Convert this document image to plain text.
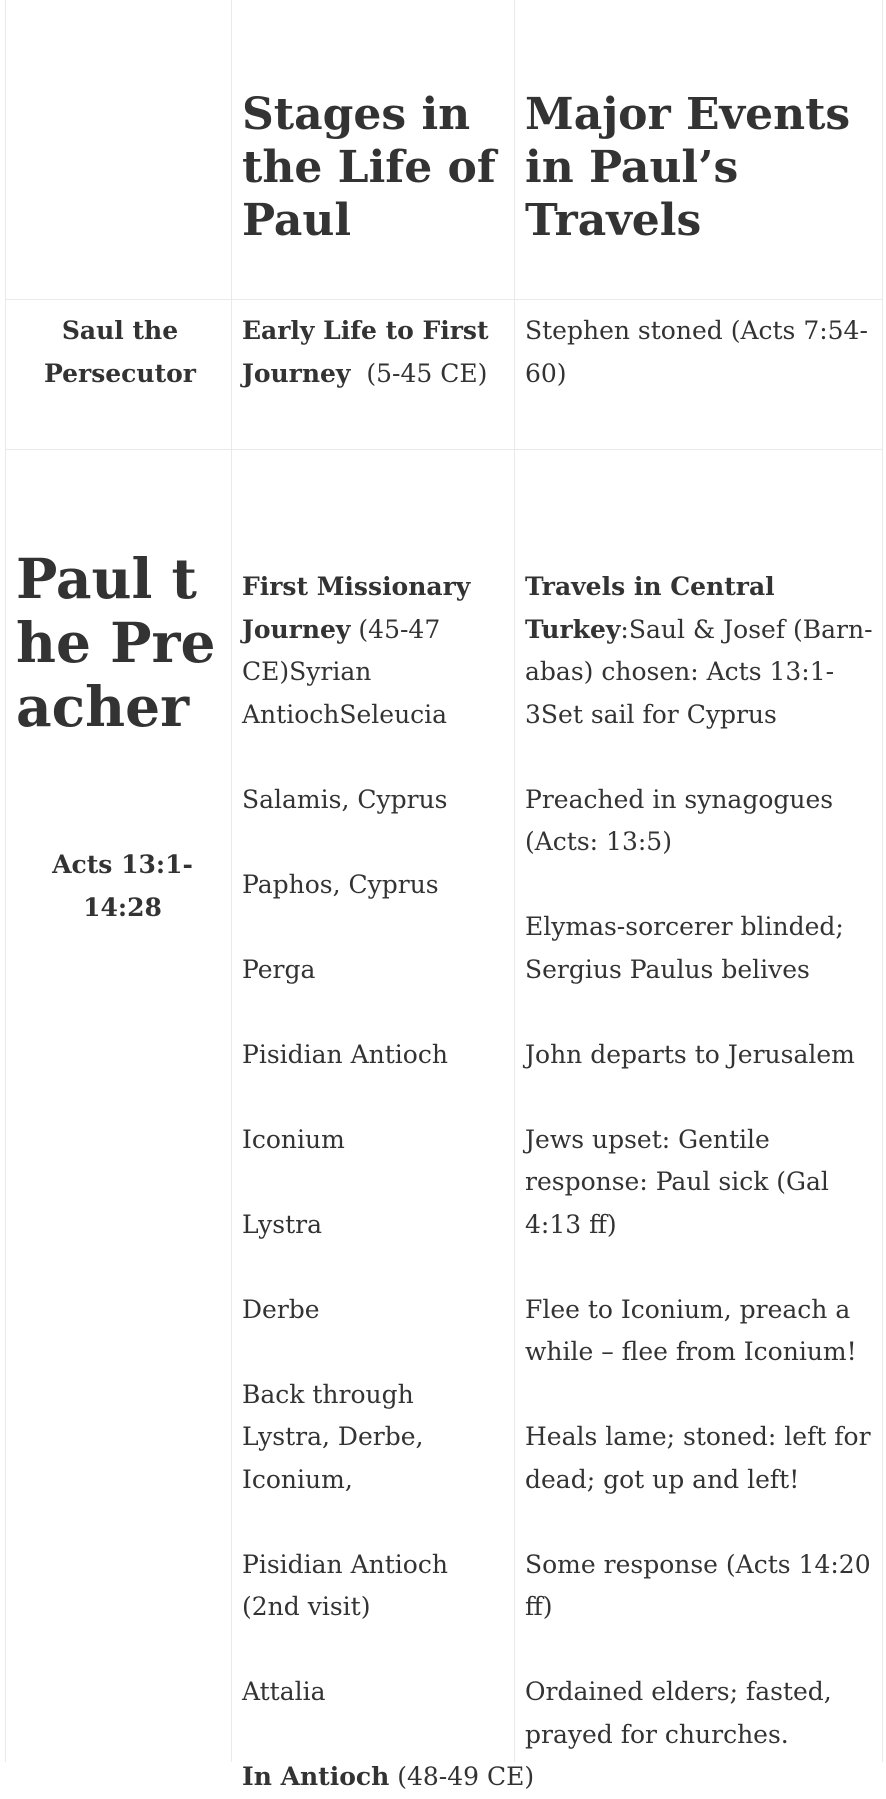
Stages in the Life of Paul
Major Events in Paul’s Travels
Saul the Persecutor
Early Life to First Journey  (5-45 CE)
Stephen stoned (Acts 7:54-60)
Paul the Preacher
Acts 13:1-14:28

First Missionary Journey (45-47 CE)Syrian AntiochSeleucia

Salamis, Cyprus

Paphos, Cyprus

Perga

Pisidian Antioch

Iconium

Lystra

Derbe

Back through Lystra, Derbe, Iconium,

Pisidian Antioch (2nd visit)

Attalia

In Antioch (48-49 CE)

Travels in Central Turkey:Saul & Josef (Barn-abas) chosen: Acts 13:1-3Set sail for Cyprus

Preached in synagogues (Acts: 13:5)

Elymas-sorcerer blinded; Sergius Paulus belives

John departs to Jerusalem

Jews upset: Gentile response: Paul sick (Gal 4:13 ff)

Flee to Iconium, preach a while – flee from Iconium!

Heals lame; stoned: left for dead; got up and left!

Some response (Acts 14:20 ff)

Ordained elders; fasted, prayed for churches.
